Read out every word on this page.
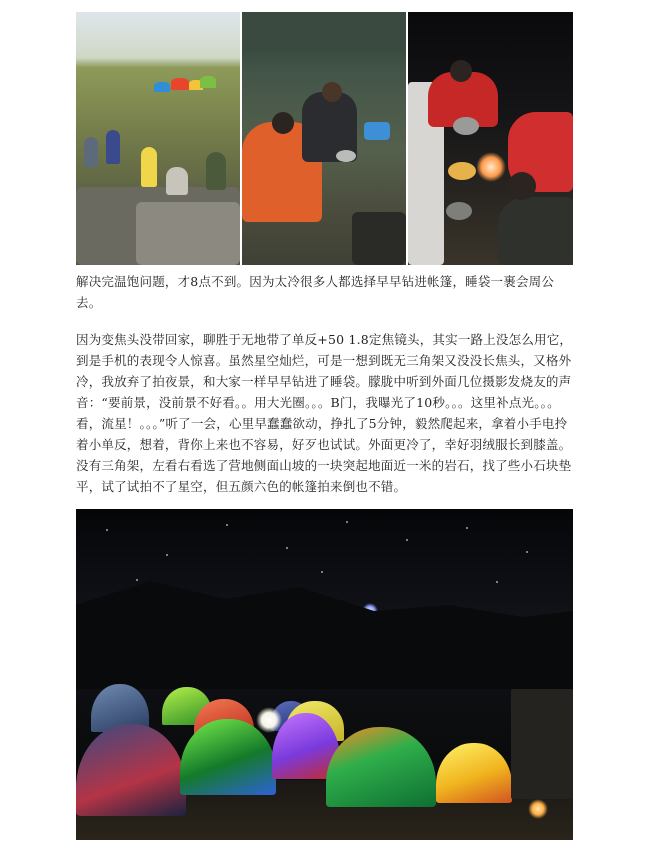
解决完温饱问题，才8点不到。因为太冷很多人都选择早早钻进帐篷，睡袋一裹会周公去。

因为变焦头没带回家，聊胜于无地带了单反+50 1.8定焦镜头，其实一路上没怎么用它，到是手机的表现令人惊喜。虽然星空灿烂，可是一想到既无三角架又没没长焦头，又格外冷，我放弃了拍夜景，和大家一样早早钻进了睡袋。朦胧中听到外面几位摄影发烧友的声音：“要前景，没前景不好看。。用大光圈。。。B门，我曝光了10秒。。。这里补点光。。。看，流星！。。。”听了一会，心里早蠢蠢欲动，挣扎了5分钟，毅然爬起来，拿着小手电拎着小单反，想着，背你上来也不容易，好歹也试试。外面更冷了，幸好羽绒服长到膝盖。没有三角架，左看右看选了营地侧面山坡的一块突起地面近一米的岩石，找了些小石块垫平，试了试拍不了星空，但五颜六色的帐篷拍来倒也不错。
